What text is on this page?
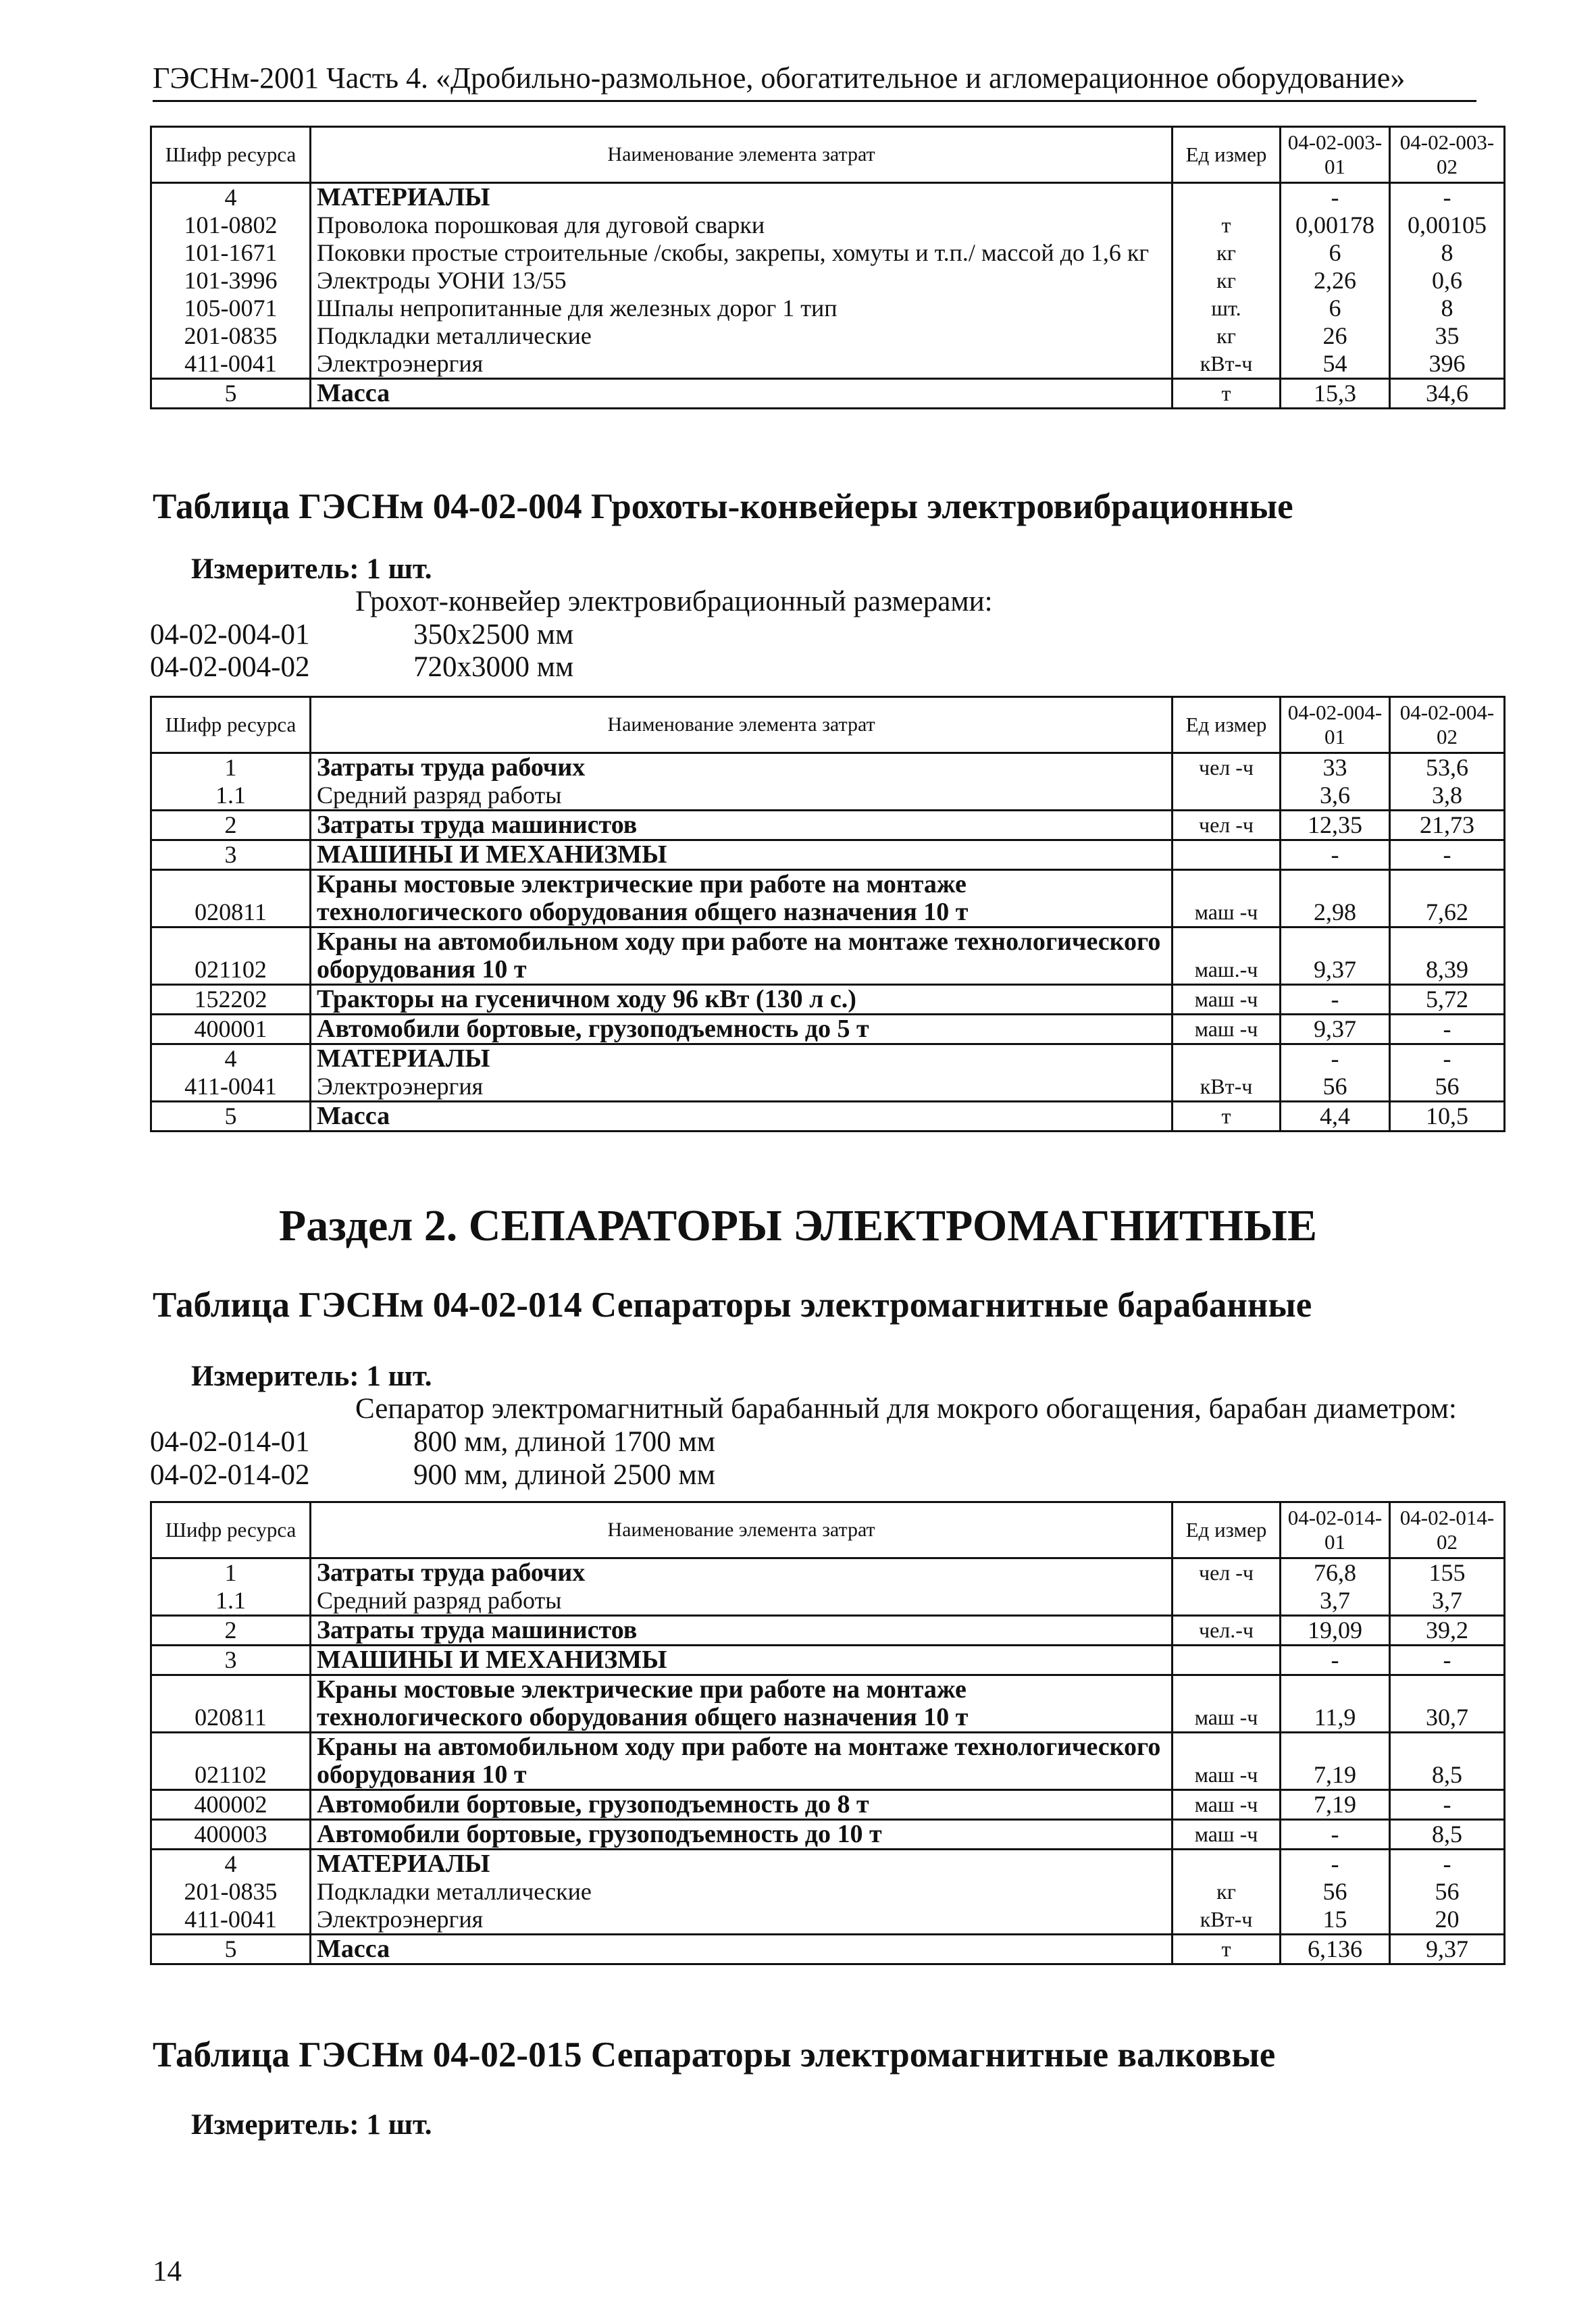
ГЭСНм-2001 Часть 4. «Дробильно-размольное, обогатительное и агломерационное оборудование»
Шифр ресурса	Наименование элемента затрат	Ед измер	04-02-003-01	04-02-003-02
4	МАТЕРИАЛЫ		-	-
101-0802	Проволока порошковая для дуговой сварки	т	0,00178	0,00105
101-1671	Поковки простые строительные /скобы, закрепы, хомуты и т.п./ массой до 1,6 кг	кг	6	8
101-3996	Электроды УОНИ 13/55	кг	2,26	0,6
105-0071	Шпалы непропитанные для железных дорог 1 тип	шт.	6	8
201-0835	Подкладки металлические	кг	26	35
411-0041	Электроэнергия	кВт-ч	54	396
5	Масса	т	15,3	34,6
Таблица ГЭСНм 04-02-004 Грохоты-конвейеры электровибрационные
Измеритель: 1 шт.
Грохот-конвейер электровибрационный размерами:
04-02-004-01	350x2500 мм
04-02-004-02	720x3000 мм
Шифр ресурса	Наименование элемента затрат	Ед измер	04-02-004-01	04-02-004-02
1	Затраты труда рабочих	чел -ч	33	53,6
1.1	Средний разряд работы		3,6	3,8
2	Затраты труда машинистов	чел -ч	12,35	21,73
3	МАШИНЫ И МЕХАНИЗМЫ		-	-
020811	Краны мостовые электрические при работе на монтаже технологического оборудования общего назначения 10 т	маш -ч	2,98	7,62
021102	Краны на автомобильном ходу при работе на монтаже технологического оборудования 10 т	маш.-ч	9,37	8,39
152202	Тракторы на гусеничном ходу 96 кВт (130 л с.)	маш -ч	-	5,72
400001	Автомобили бортовые, грузоподъемность до 5 т	маш -ч	9,37	-
4	МАТЕРИАЛЫ		-	-
411-0041	Электроэнергия	кВт-ч	56	56
5	Масса	т	4,4	10,5
Раздел 2. СЕПАРАТОРЫ ЭЛЕКТРОМАГНИТНЫЕ
Таблица ГЭСНм 04-02-014 Сепараторы электромагнитные барабанные
Измеритель: 1 шт.
Сепаратор электромагнитный барабанный для мокрого обогащения, барабан диаметром:
04-02-014-01	800 мм, длиной 1700 мм
04-02-014-02	900 мм, длиной 2500 мм
Шифр ресурса	Наименование элемента затрат	Ед измер	04-02-014-01	04-02-014-02
1	Затраты труда рабочих	чел -ч	76,8	155
1.1	Средний разряд работы		3,7	3,7
2	Затраты труда машинистов	чел.-ч	19,09	39,2
3	МАШИНЫ И МЕХАНИЗМЫ		-	-
020811	Краны мостовые электрические при работе на монтаже технологического оборудования общего назначения 10 т	маш -ч	11,9	30,7
021102	Краны на автомобильном ходу при работе на монтаже технологического оборудования 10 т	маш -ч	7,19	8,5
400002	Автомобили бортовые, грузоподъемность до 8 т	маш -ч	7,19	-
400003	Автомобили бортовые, грузоподъемность до 10 т	маш -ч	-	8,5
4	МАТЕРИАЛЫ		-	-
201-0835	Подкладки металлические	кг	56	56
411-0041	Электроэнергия	кВт-ч	15	20
5	Масса	т	6,136	9,37
Таблица ГЭСНм 04-02-015 Сепараторы электромагнитные валковые
Измеритель: 1 шт.
14
